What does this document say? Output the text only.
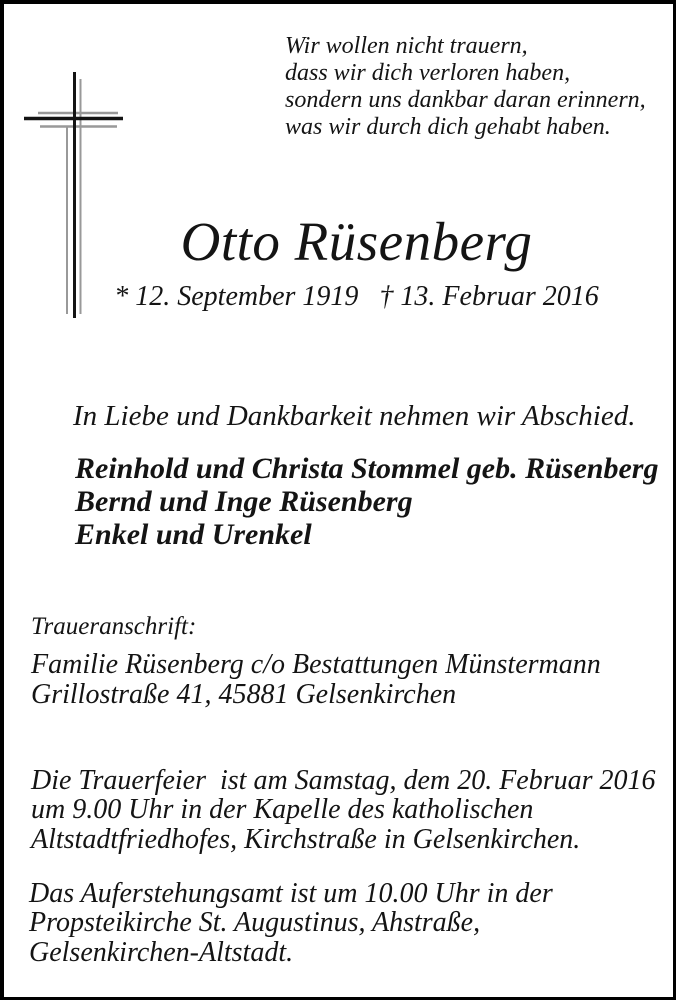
Wir wollen nicht trauern,
dass wir dich verloren haben,
sondern uns dankbar daran erinnern,
was wir durch dich gehabt haben.
Otto Rüsenberg
* 12. September 1919   † 13. Februar 2016
In Liebe und Dankbarkeit nehmen wir Abschied.
Reinhold und Christa Stommel geb. Rüsenberg
Bernd und Inge Rüsenberg
Enkel und Urenkel
Traueranschrift:
Familie Rüsenberg c/o Bestattungen Münstermann
Grillostraße 41, 45881 Gelsenkirchen
Die Trauerfeier  ist am Samstag, dem 20. Februar 2016
um 9.00 Uhr in der Kapelle des katholischen
Altstadtfriedhofes, Kirchstraße in Gelsenkirchen.
Das Auferstehungsamt ist um 10.00 Uhr in der
Propsteikirche St. Augustinus, Ahstraße,
Gelsenkirchen-Altstadt.
